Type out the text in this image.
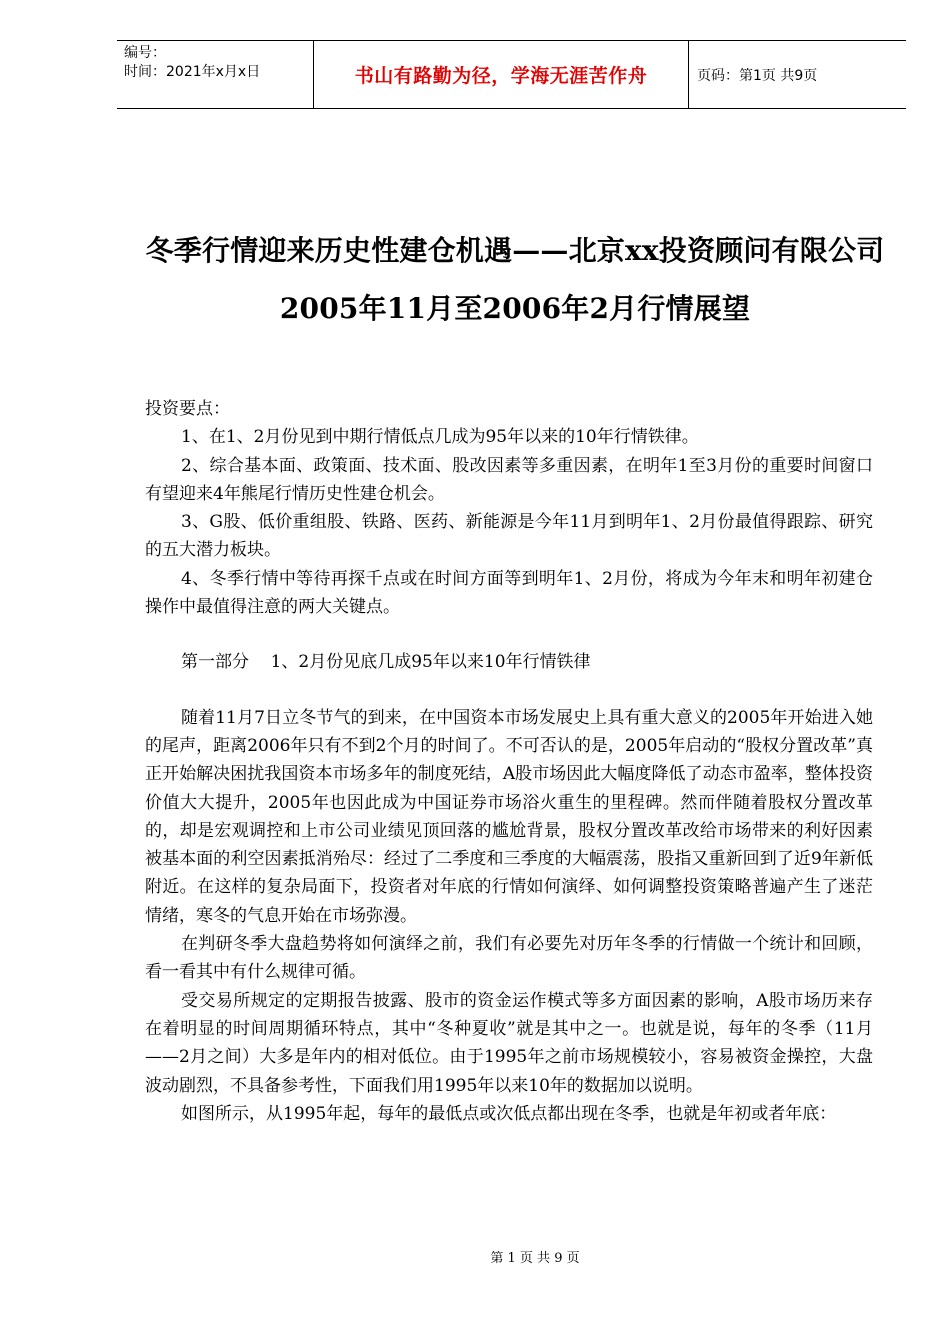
编号：
时间：2021年x月x日	书山有路勤为径，学海无涯苦作舟	页码：第1页 共9页
冬季行情迎来历史性建仓机遇——北京xx投资顾问有限公司2005年11月至2006年2月行情展望

投资要点：

1、在1、2月份见到中期行情低点几成为95年以来的10年行情铁律。

2、综合基本面、政策面、技术面、股改因素等多重因素，在明年1至3月份的重要时间窗口有望迎来4年熊尾行情历史性建仓机会。

3、G股、低价重组股、铁路、医药、新能源是今年11月到明年1、2月份最值得跟踪、研究的五大潜力板块。

4、冬季行情中等待再探千点或在时间方面等到明年1、2月份，将成为今年末和明年初建仓操作中最值得注意的两大关键点。

第一部分    1、2月份见底几成95年以来10年行情铁律

随着11月7日立冬节气的到来，在中国资本市场发展史上具有重大意义的2005年开始进入她的尾声，距离2006年只有不到2个月的时间了。不可否认的是，2005年启动的“股权分置改革”真正开始解决困扰我国资本市场多年的制度死结，A股市场因此大幅度降低了动态市盈率，整体投资价值大大提升，2005年也因此成为中国证券市场浴火重生的里程碑。然而伴随着股权分置改革的，却是宏观调控和上市公司业绩见顶回落的尴尬背景，股权分置改革改给市场带来的利好因素被基本面的利空因素抵消殆尽：经过了二季度和三季度的大幅震荡，股指又重新回到了近9年新低附近。在这样的复杂局面下，投资者对年底的行情如何演绎、如何调整投资策略普遍产生了迷茫情绪，寒冬的气息开始在市场弥漫。

在判研冬季大盘趋势将如何演绎之前，我们有必要先对历年冬季的行情做一个统计和回顾，看一看其中有什么规律可循。

受交易所规定的定期报告披露、股市的资金运作模式等多方面因素的影响，A股市场历来存在着明显的时间周期循环特点，其中“冬种夏收”就是其中之一。也就是说，每年的冬季（11月——2月之间）大多是年内的相对低位。由于1995年之前市场规模较小，容易被资金操控，大盘波动剧烈，不具备参考性，下面我们用1995年以来10年的数据加以说明。

如图所示，从1995年起，每年的最低点或次低点都出现在冬季，也就是年初或者年底：

第 1 页 共 9 页
